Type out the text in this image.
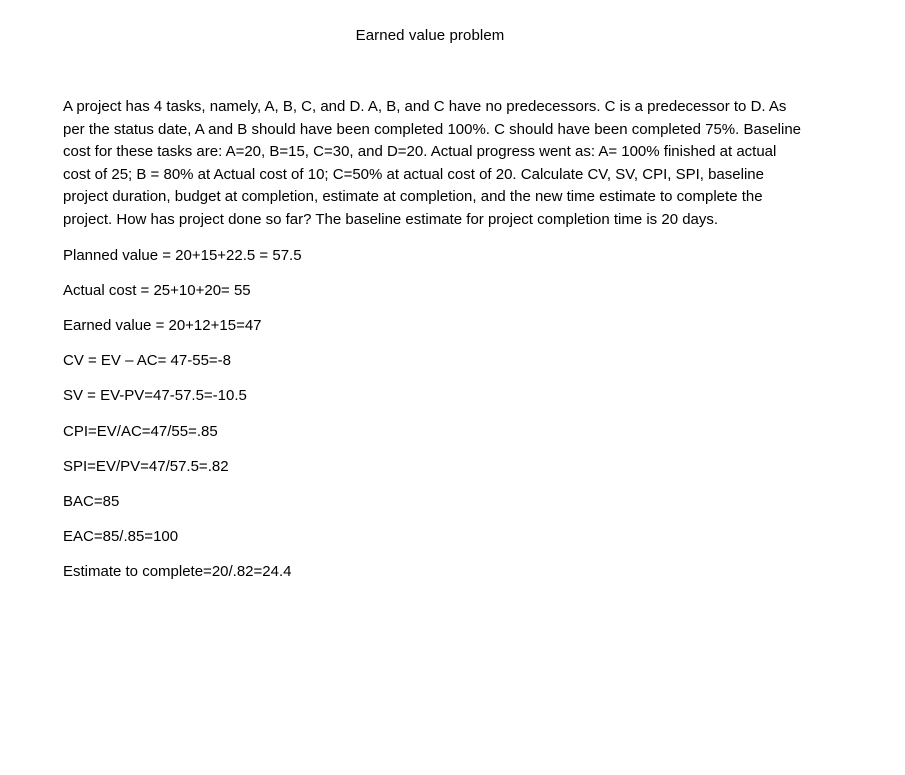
Earned value problem

A project has 4 tasks, namely, A, B, C, and D. A, B, and C have no predecessors. C is a predecessor to D. As per the status date, A and B should have been completed 100%. C should have been completed 75%. Baseline cost for these tasks are: A=20, B=15, C=30, and D=20. Actual progress went as: A= 100% finished at actual cost of 25; B = 80% at Actual cost of 10; C=50% at actual cost of 20. Calculate CV, SV, CPI, SPI, baseline project duration, budget at completion, estimate at completion, and the new time estimate to complete the project. How has project done so far? The baseline estimate for project completion time is 20 days.

Planned value = 20+15+22.5 = 57.5

Actual cost = 25+10+20= 55

Earned value = 20+12+15=47

CV = EV – AC= 47-55=-8

SV = EV-PV=47-57.5=-10.5

CPI=EV/AC=47/55=.85

SPI=EV/PV=47/57.5=.82

BAC=85

EAC=85/.85=100

Estimate to complete=20/.82=24.4
